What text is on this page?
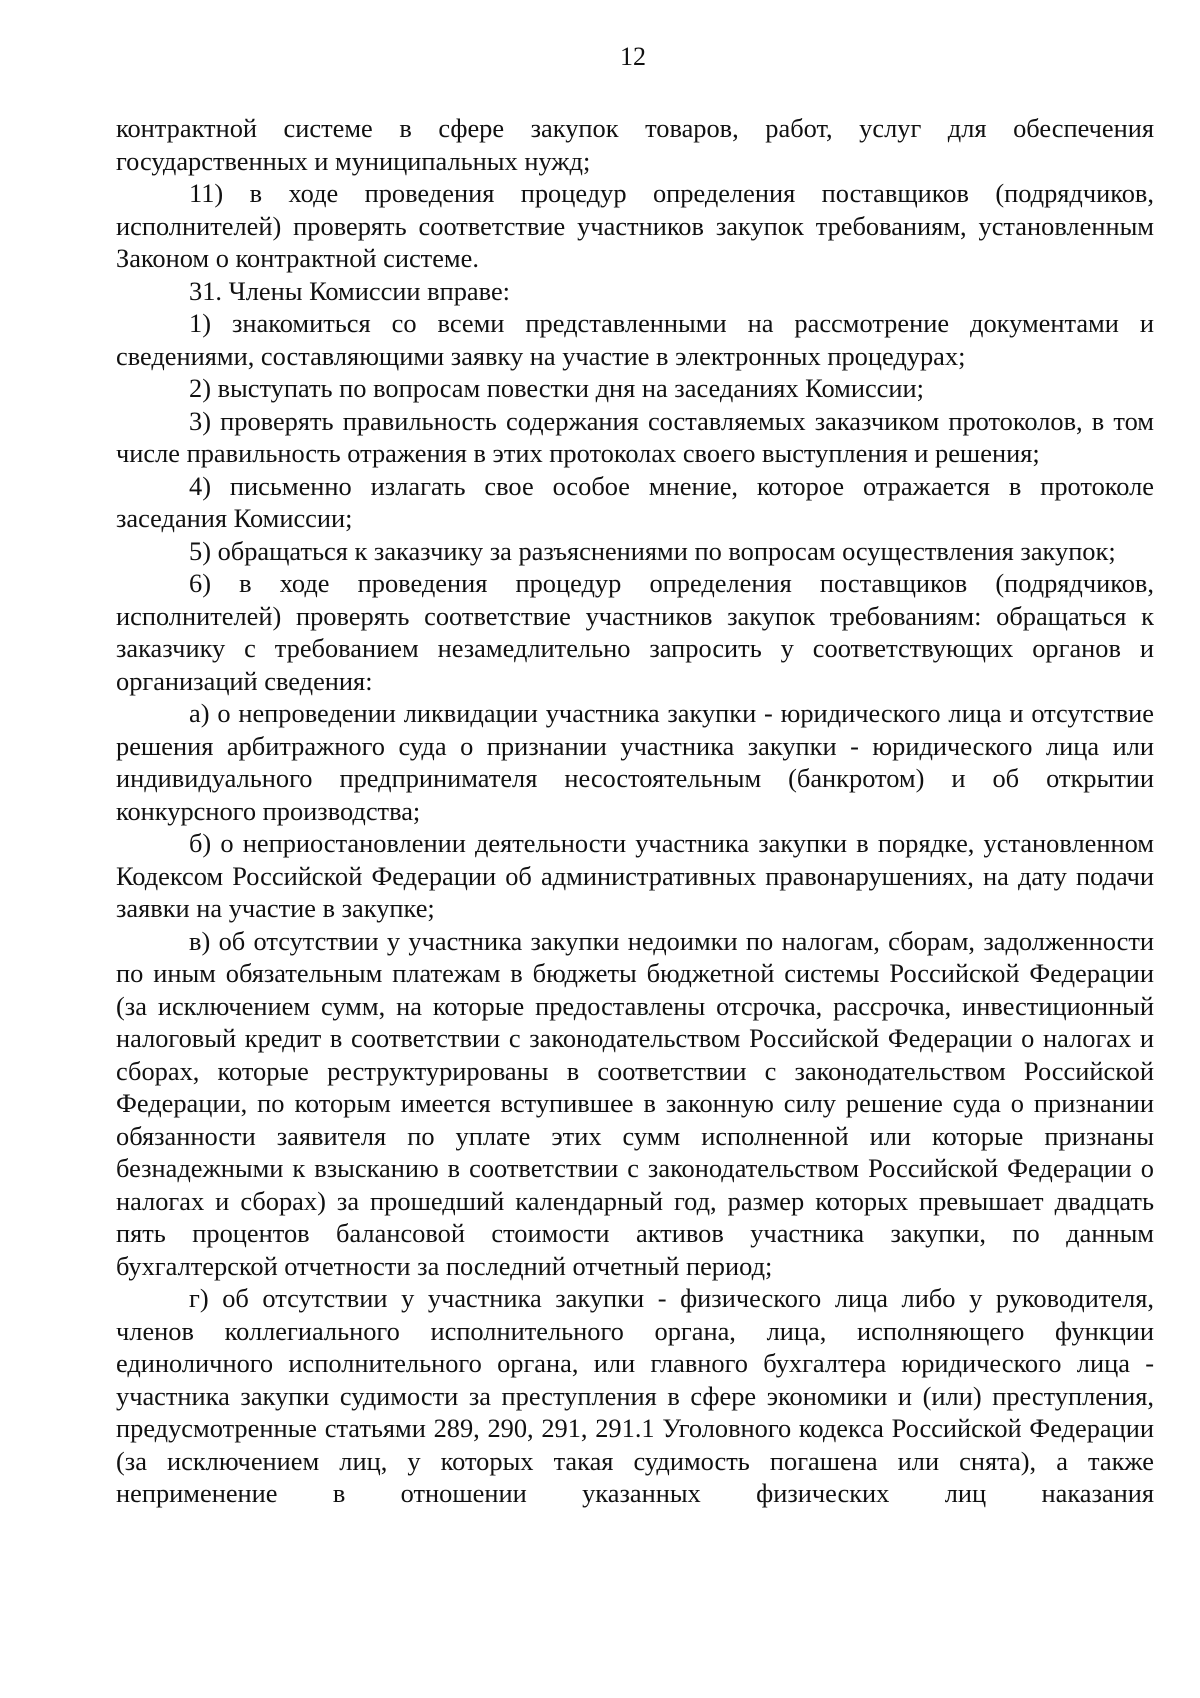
12

контрактной системе в сфере закупок товаров, работ, услуг для обеспечения государственных и муниципальных нужд;

11) в ходе проведения процедур определения поставщиков (подрядчиков, исполнителей) проверять соответствие участников закупок требованиям, установленным Законом о контрактной системе.

31. Члены Комиссии вправе:

1) знакомиться со всеми представленными на рассмотрение документами и сведениями, составляющими заявку на участие в электронных процедурах;

2) выступать по вопросам повестки дня на заседаниях Комиссии;

3) проверять правильность содержания составляемых заказчиком протоколов, в том числе правильность отражения в этих протоколах своего выступления и решения;

4) письменно излагать свое особое мнение, которое отражается в протоколе заседания Комиссии;

5) обращаться к заказчику за разъяснениями по вопросам осуществления закупок;

6) в ходе проведения процедур определения поставщиков (подрядчиков, исполнителей) проверять соответствие участников закупок требованиям: обращаться к заказчику с требованием незамедлительно запросить у соответствующих органов и организаций сведения:

а) о непроведении ликвидации участника закупки - юридического лица и отсутствие решения арбитражного суда о признании участника закупки - юридического лица или индивидуального предпринимателя несостоятельным (банкротом) и об открытии конкурсного производства;

б) о неприостановлении деятельности участника закупки в порядке, установленном Кодексом Российской Федерации об административных правонарушениях, на дату подачи заявки на участие в закупке;

в) об отсутствии у участника закупки недоимки по налогам, сборам, задолженности по иным обязательным платежам в бюджеты бюджетной системы Российской Федерации (за исключением сумм, на которые предоставлены отсрочка, рассрочка, инвестиционный налоговый кредит в соответствии с законодательством Российской Федерации о налогах и сборах, которые реструктурированы в соответствии с законодательством Российской Федерации, по которым имеется вступившее в законную силу решение суда о признании обязанности заявителя по уплате этих сумм исполненной или которые признаны безнадежными к взысканию в соответствии с законодательством Российской Федерации о налогах и сборах) за прошедший календарный год, размер которых превышает двадцать пять процентов балансовой стоимости активов участника закупки, по данным бухгалтерской отчетности за последний отчетный период;

г) об отсутствии у участника закупки - физического лица либо у руководителя, членов коллегиального исполнительного органа, лица, исполняющего функции единоличного исполнительного органа, или главного бухгалтера юридического лица - участника закупки судимости за преступления в сфере экономики и (или) преступления, предусмотренные статьями 289, 290, 291, 291.1 Уголовного кодекса Российской Федерации (за исключением лиц, у которых такая судимость погашена или снята), а также неприменение в отношении указанных физических лиц наказания
